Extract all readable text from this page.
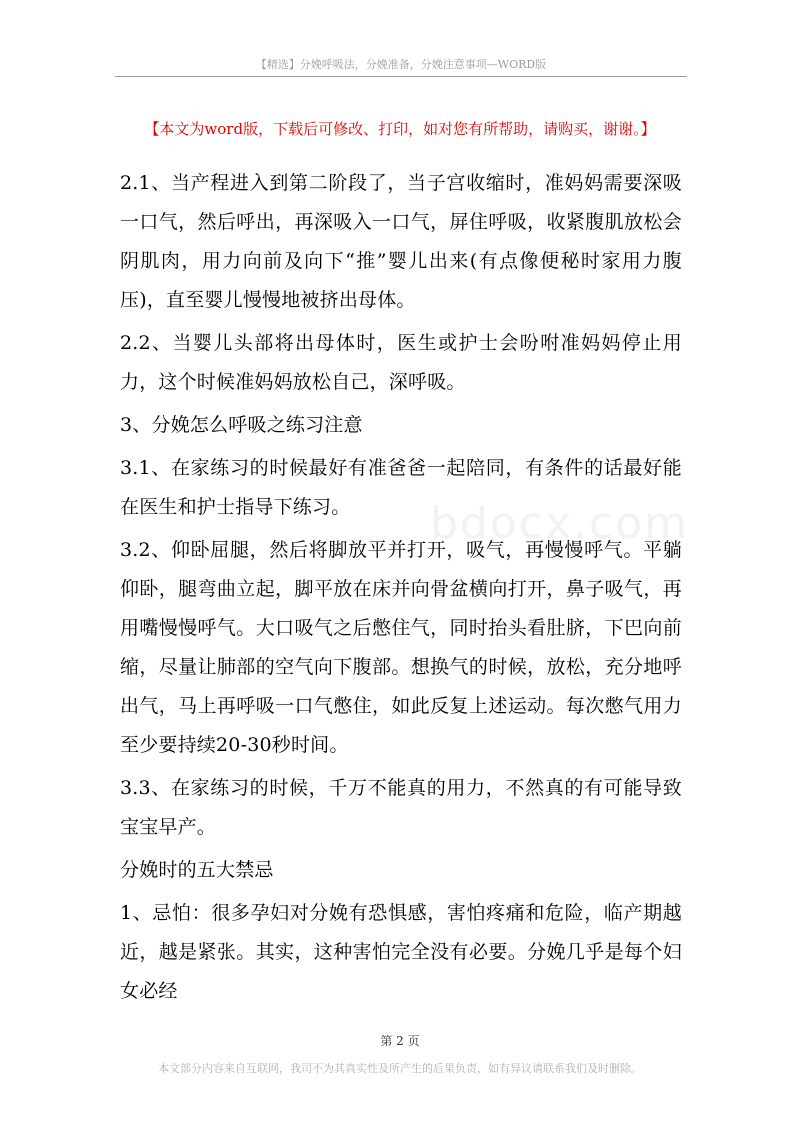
【精选】分娩呼吸法，分娩准备，分娩注意事项—WORD版
【本文为word版，下载后可修改、打印，如对您有所帮助，请购买，谢谢。】
bdocx.com

2.1、当产程进入到第二阶段了，当子宫收缩时，准妈妈需要深吸一口气，然后呼出，再深吸入一口气，屏住呼吸，收紧腹肌放松会阴肌肉，用力向前及向下“推”婴儿出来(有点像便秘时家用力腹压)，直至婴儿慢慢地被挤出母体。

2.2、当婴儿头部将出母体时，医生或护士会吩咐准妈妈停止用力，这个时候准妈妈放松自己，深呼吸。

3、分娩怎么呼吸之练习注意

3.1、在家练习的时候最好有准爸爸一起陪同，有条件的话最好能在医生和护士指导下练习。

3.2、仰卧屈腿，然后将脚放平并打开，吸气，再慢慢呼气。平躺仰卧，腿弯曲立起，脚平放在床并向骨盆横向打开，鼻子吸气，再用嘴慢慢呼气。大口吸气之后憋住气，同时抬头看肚脐，下巴向前缩，尽量让肺部的空气向下腹部。想换气的时候，放松，充分地呼出气，马上再呼吸一口气憋住，如此反复上述运动。每次憋气用力至少要持续20-30秒时间。

3.3、在家练习的时候，千万不能真的用力，不然真的有可能导致宝宝早产。

分娩时的五大禁忌

1、忌怕：很多孕妇对分娩有恐惧感，害怕疼痛和危险，临产期越近，越是紧张。其实，这种害怕完全没有必要。分娩几乎是每个妇女必经

第 2 页
本文部分内容来自互联网，我司不为其真实性及所产生的后果负责，如有异议请联系我们及时删除。
